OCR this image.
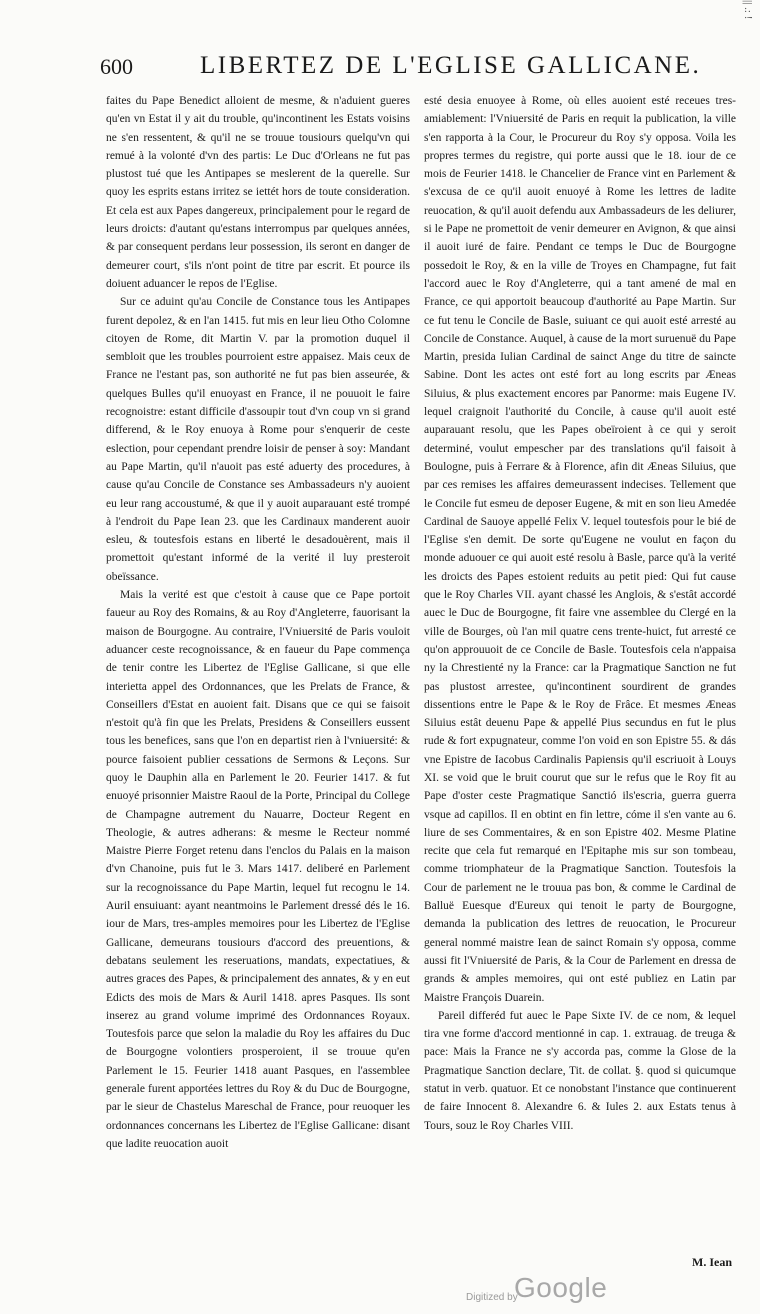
|| .: !
600	LIBERTEZ DE L'EGLISE GALLICANE.

faites du Pape Benedict alloient de mesme, & n'aduient gueres qu'en vn Estat il y ait du trouble, qu'incontinent les Estats voisins ne s'en ressentent, & qu'il ne se trouue tousiours quelqu'vn qui remué à la volonté d'vn des partis: Le Duc d'Orleans ne fut pas plustost tué que les Antipapes se meslerent de la querelle. Sur quoy les esprits estans irritez se iettét hors de toute consideration. Et cela est aux Papes dangereux, principalement pour le regard de leurs droicts: d'autant qu'estans interrompus par quelques années, & par consequent perdans leur possession, ils seront en danger de demeurer court, s'ils n'ont point de titre par escrit. Et pource ils doiuent aduancer le repos de l'Eglise.

Sur ce aduint qu'au Concile de Constance tous les Antipapes furent depolez, & en l'an 1415. fut mis en leur lieu Otho Colomne citoyen de Rome, dit Martin V. par la promotion duquel il sembloit que les troubles pourroient estre appaisez. Mais ceux de France ne l'estant pas, son authorité ne fut pas bien asseurée, & quelques Bulles qu'il enuoyast en France, il ne pouuoit le faire recognoistre: estant difficile d'assoupir tout d'vn coup vn si grand differend, & le Roy enuoya à Rome pour s'enquerir de ceste eslection, pour cependant prendre loisir de penser à soy: Mandant au Pape Martin, qu'il n'auoit pas esté aduerty des procedures, à cause qu'au Concile de Constance ses Ambassadeurs n'y auoient eu leur rang accoustumé, & que il y auoit auparauant esté trompé à l'endroit du Pape Iean 23. que les Cardinaux manderent auoir esleu, & toutesfois estans en liberté le desadouèrent, mais il promettoit qu'estant informé de la verité il luy presteroit obeïssance.

Mais la verité est que c'estoit à cause que ce Pape portoit faueur au Roy des Romains, & au Roy d'Angleterre, fauorisant la maison de Bourgogne. Au contraire, l'Vniuersité de Paris vouloit aduancer ceste recognoissance, & en faueur du Pape commença de tenir contre les Libertez de l'Eglise Gallicane, si que elle interietta appel des Ordonnances, que les Prelats de France, & Conseillers d'Estat en auoient fait. Disans que ce qui se faisoit n'estoit qu'à fin que les Prelats, Presidens & Conseillers eussent tous les benefices, sans que l'on en departist rien à l'vniuersité: & pource faisoient publier cessations de Sermons & Leçons. Sur quoy le Dauphin alla en Parlement le 20. Feurier 1417. & fut enuoyé prisonnier Maistre Raoul de la Porte, Principal du College de Champagne autrement du Nauarre, Docteur Regent en Theologie, & autres adherans: & mesme le Recteur nommé Maistre Pierre Forget retenu dans l'enclos du Palais en la maison d'vn Chanoine, puis fut le 3. Mars 1417. deliberé en Parlement sur la recognoissance du Pape Martin, lequel fut recognu le 14. Auril ensuiuant: ayant neantmoins le Parlement dressé dés le 16. iour de Mars, tres-amples memoires pour les Libertez de l'Eglise Gallicane, demeurans tousiours d'accord des preuentions, & debatans seulement les reseruations, mandats, expectatiues, & autres graces des Papes, & principalement des annates, & y en eut Edicts des mois de Mars & Auril 1418. apres Pasques. Ils sont inserez au grand volume imprimé des Ordonnances Royaux. Toutesfois parce que selon la maladie du Roy les affaires du Duc de Bourgogne volontiers prosperoient, il se trouue qu'en Parlement le 15. Feurier 1418 auant Pasques, en l'assemblee generale furent apportées lettres du Roy & du Duc de Bourgogne, par le sieur de Chastelus Mareschal de France, pour reuoquer les ordonnances concernans les Libertez de l'Eglise Gallicane: disant que ladite reuocation auoit

esté desia enuoyee à Rome, où elles auoient esté receues tres-amiablement: l'Vniuersité de Paris en requit la publication, la ville s'en rapporta à la Cour, le Procureur du Roy s'y opposa. Voila les propres termes du registre, qui porte aussi que le 18. iour de ce mois de Feurier 1418. le Chancelier de France vint en Parlement & s'excusa de ce qu'il auoit enuoyé à Rome les lettres de ladite reuocation, & qu'il auoit defendu aux Ambassadeurs de les deliurer, si le Pape ne promettoit de venir demeurer en Avignon, & que ainsi il auoit iuré de faire. Pendant ce temps le Duc de Bourgogne possedoit le Roy, & en la ville de Troyes en Champagne, fut fait l'accord auec le Roy d'Angleterre, qui a tant amené de mal en France, ce qui apportoit beaucoup d'authorité au Pape Martin. Sur ce fut tenu le Concile de Basle, suiuant ce qui auoit esté arresté au Concile de Constance. Auquel, à cause de la mort suruenuë du Pape Martin, presida Iulian Cardinal de sainct Ange du titre de saincte Sabine. Dont les actes ont esté fort au long escrits par Æneas Siluius, & plus exactement encores par Panorme: mais Eugene IV. lequel craignoit l'authorité du Concile, à cause qu'il auoit esté auparauant resolu, que les Papes obeïroient à ce qui y seroit determiné, voulut empescher par des translations qu'il faisoit à Boulogne, puis à Ferrare & à Florence, afin dit Æneas Siluius, que par ces remises les affaires demeurassent indecises. Tellement que le Concile fut esmeu de deposer Eugene, & mit en son lieu Amedée Cardinal de Sauoye appellé Felix V. lequel toutesfois pour le bié de l'Eglise s'en demit. De sorte qu'Eugene ne voulut en façon du monde aduouer ce qui auoit esté resolu à Basle, parce qu'à la verité les droicts des Papes estoient reduits au petit pied: Qui fut cause que le Roy Charles VII. ayant chassé les Anglois, & s'estât accordé auec le Duc de Bourgogne, fit faire vne assemblee du Clergé en la ville de Bourges, où l'an mil quatre cens trente-huict, fut arresté ce qu'on approuuoit de ce Concile de Basle. Toutesfois cela n'appaisa ny la Chrestienté ny la France: car la Pragmatique Sanction ne fut pas plustost arrestee, qu'incontinent sourdirent de grandes dissentions entre le Pape & le Roy de Frâce. Et mesmes Æneas Siluius estât deuenu Pape & appellé Pius secundus en fut le plus rude & fort expugnateur, comme l'on void en son Epistre 55. & dás vne Epistre de Iacobus Cardinalis Papiensis qu'il escriuoit à Louys XI. se void que le bruit courut que sur le refus que le Roy fit au Pape d'oster ceste Pragmatique Sanctió ils'escria, guerra guerra vsque ad capillos. Il en obtint en fin lettre, cóme il s'en vante au 6. liure de ses Commentaires, & en son Epistre 402. Mesme Platine recite que cela fut remarqué en l'Epitaphe mis sur son tombeau, comme triomphateur de la Pragmatique Sanction. Toutesfois la Cour de parlement ne le trouua pas bon, & comme le Cardinal de Balluë Euesque d'Eureux qui tenoit le party de Bourgogne, demanda la publication des lettres de reuocation, le Procureur general nommé maistre Iean de sainct Romain s'y opposa, comme aussi fit l'Vniuersité de Paris, & la Cour de Parlement en dressa de grands & amples memoires, qui ont esté publiez en Latin par Maistre François Duarein.

Pareil differéd fut auec le Pape Sixte IV. de ce nom, & lequel tira vne forme d'accord mentionné in cap. 1. extrauag. de treuga & pace: Mais la France ne s'y accorda pas, comme la Glose de la Pragmatique Sanction declare, Tit. de collat. §. quod si quicumque statut in verb. quatuor. Et ce nonobstant l'instance que continuerent de faire Innocent 8. Alexandre 6. & Iules 2. aux Estats tenus à Tours, souz le Roy Charles VIII.

M. Iean
Digitized by
Google
